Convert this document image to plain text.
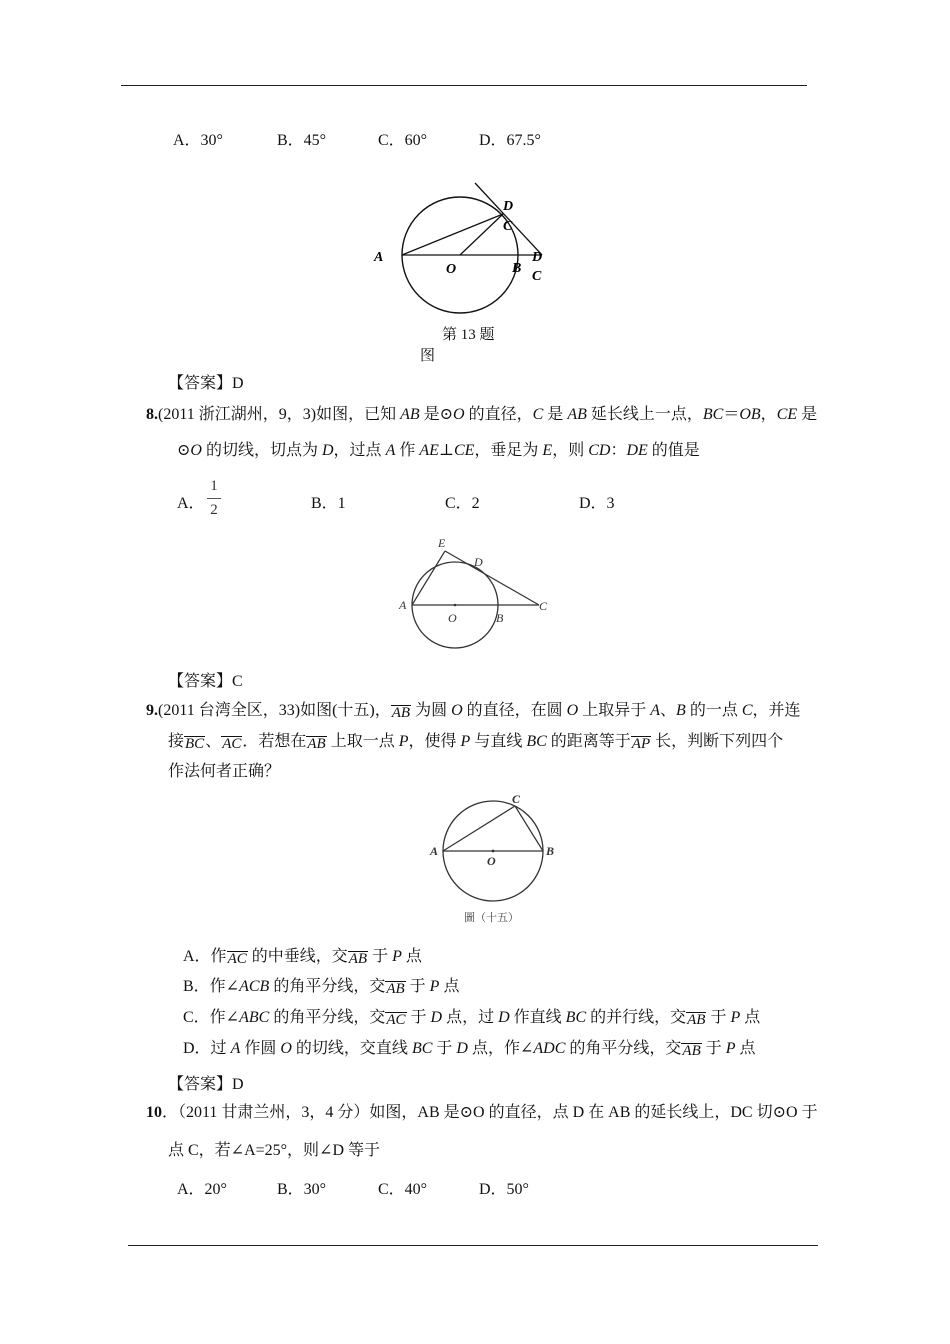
A．30°	B．45°	C．60°	D．67.5°
D
C
A
O	B
D
C
第 13 题
图
【答案】D
8.(2011 浙江湖州，9，3)如图，已知 AB 是⊙O 的直径，C 是 AB 延长线上一点，BC＝OB，CE 是
⊙O 的切线，切点为 D，过点 A 作 AE⊥CE，垂足为 E，则 CD：DE 的值是
A．
1
2	B．1	C．2	D．3
E
D
A
O	B
C
【答案】C
9.(2011 台湾全区，33)如图(十五)，AB 为圆 O 的直径，在圆 O 上取异于 A、B 的一点 C，并连
接BC、AC．若想在AB 上取一点 P，使得 P 与直线 BC 的距离等于AP 长，判断下列四个
作法何者正确？
C
A
O
B
圖（十五）
A．作AC 的中垂线，交AB 于 P 点
B．作∠ACB 的角平分线，交AB 于 P 点
C．作∠ABC 的角平分线，交AC 于 D 点，过 D 作直线 BC 的并行线，交AB 于 P 点
D．过 A 作圆 O 的切线，交直线 BC 于 D 点，作∠ADC 的角平分线，交AB 于 P 点
【答案】D
10．（2011 甘肃兰州，3，4 分）如图，AB 是⊙O 的直径，点 D 在 AB 的延长线上，DC 切⊙O 于
点 C，若∠A=25°，则∠D 等于
A．20°	B．30°	C．40°	D．50°
